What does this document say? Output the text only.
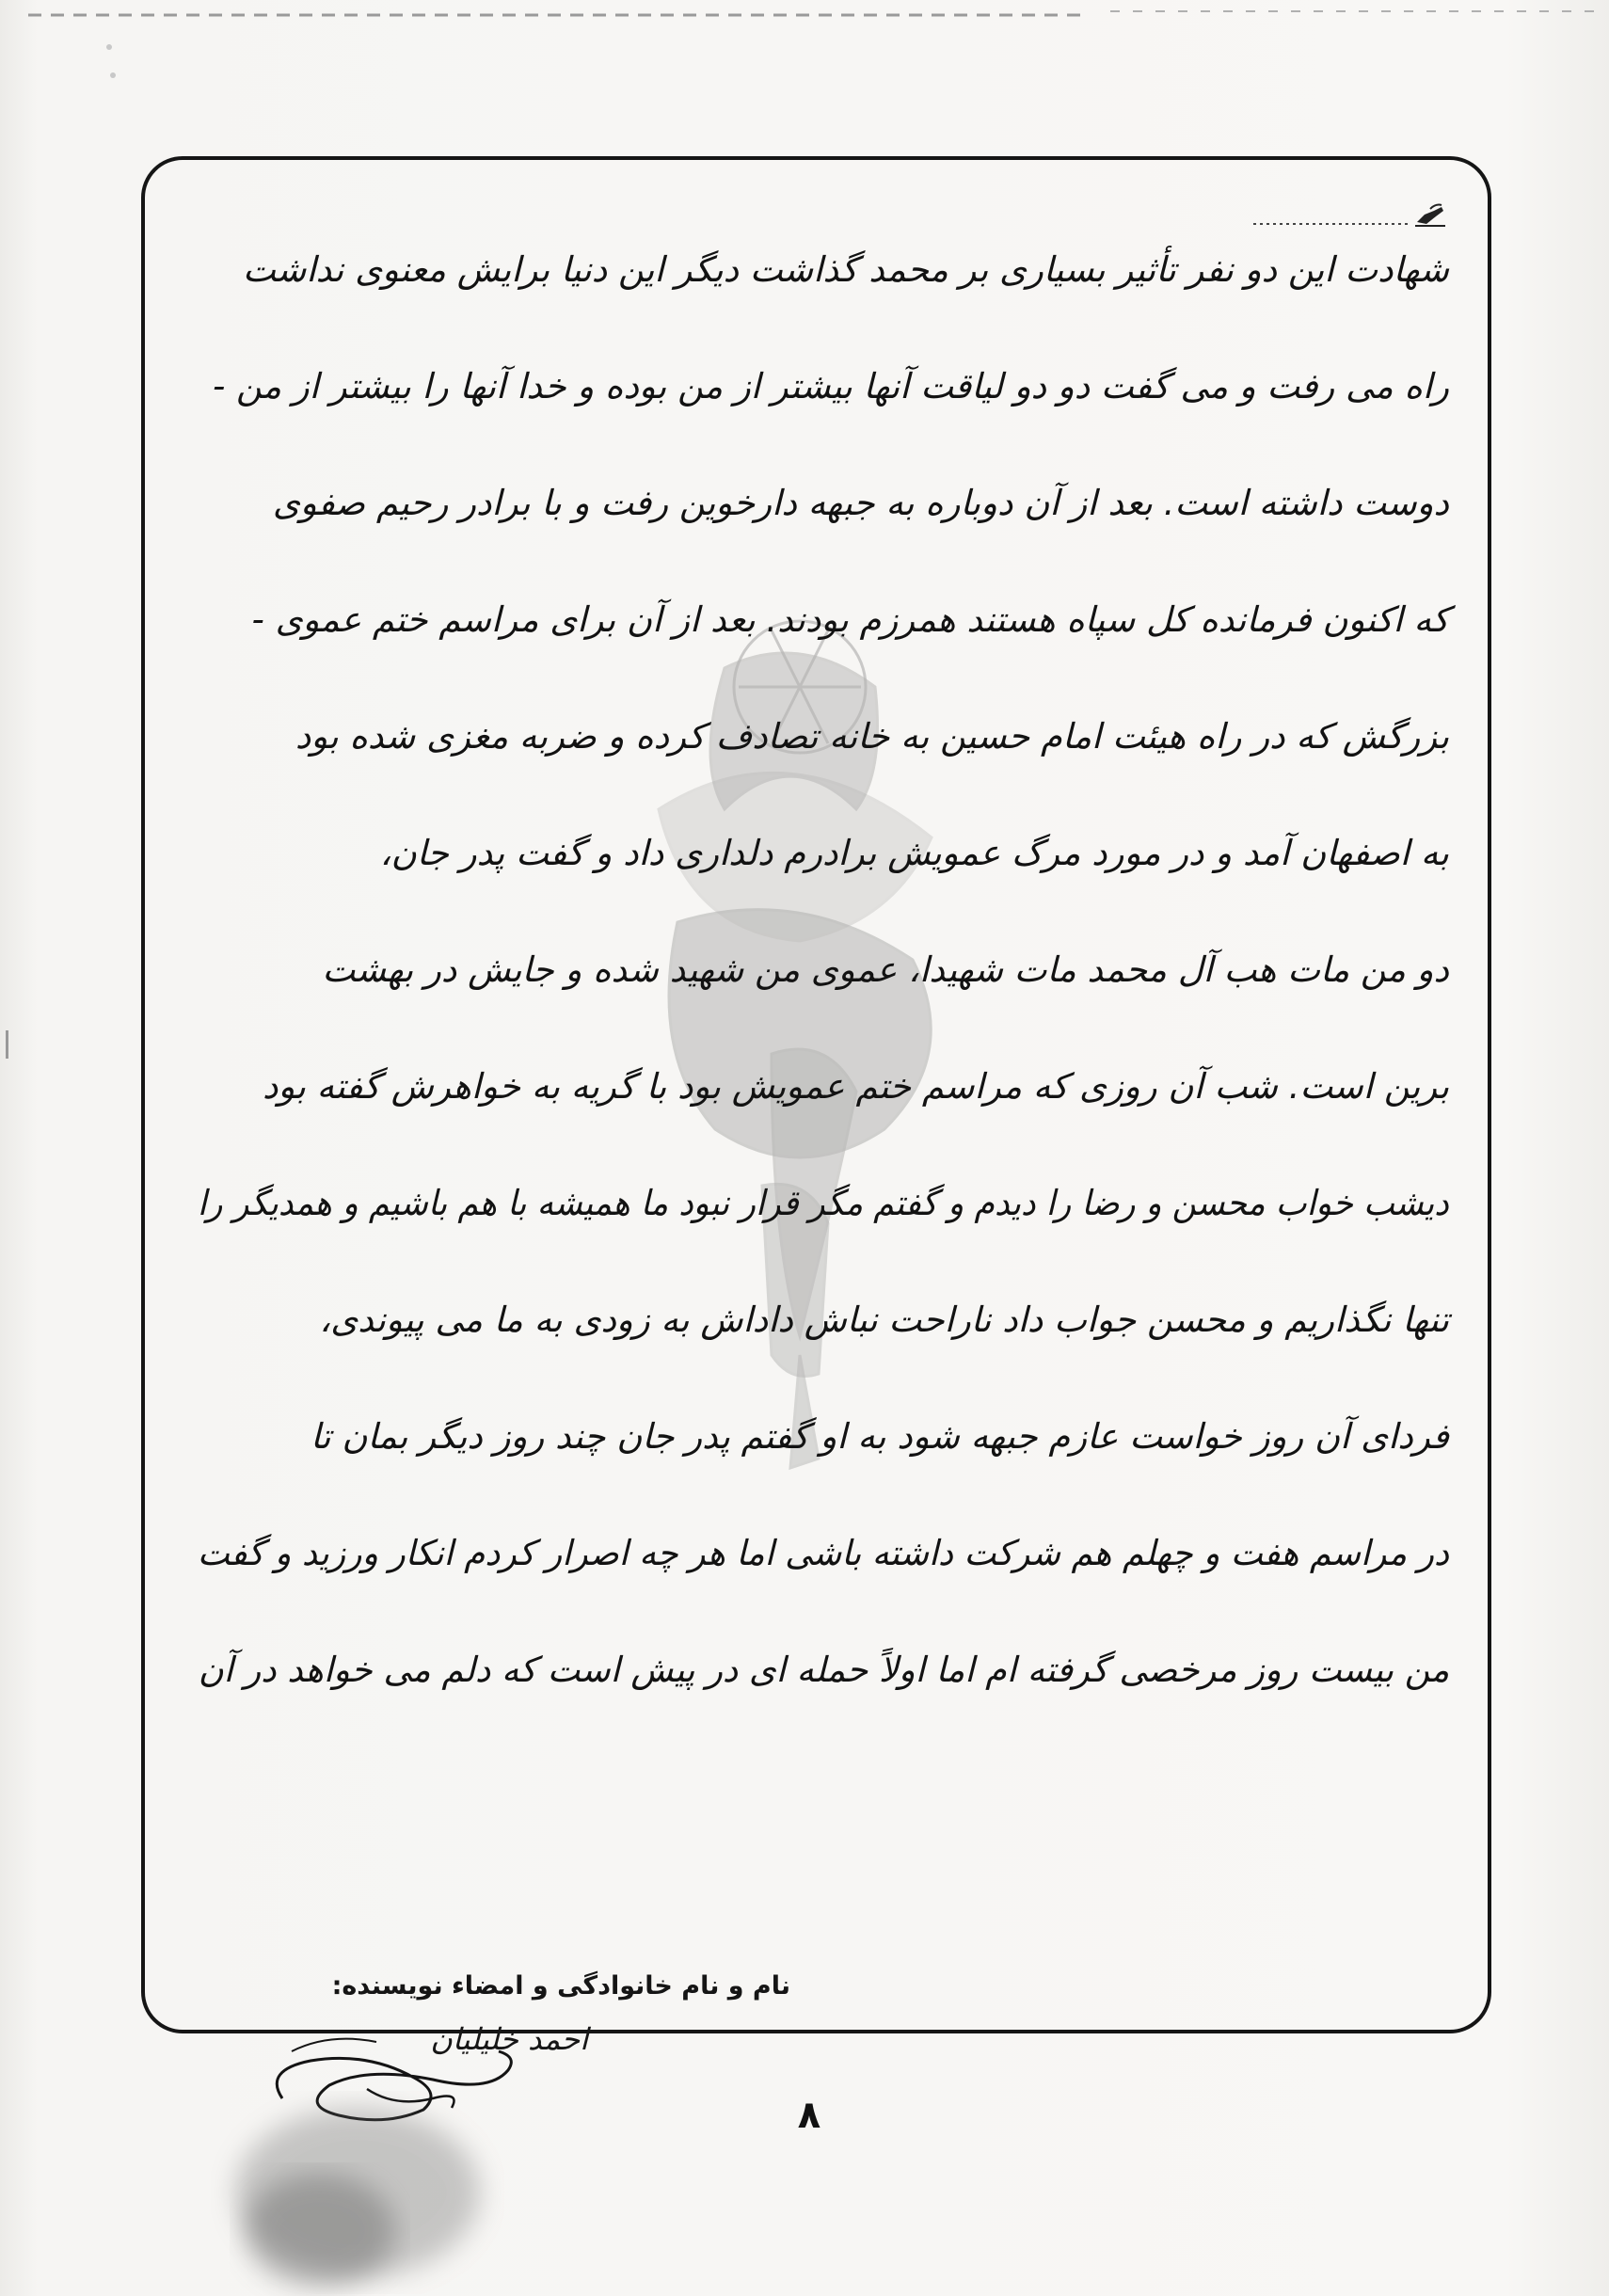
شهادت این دو نفر تأثیر بسیاری بر محمد گذاشت دیگر این دنیا برایش معنوی نداشت
راه می رفت و می گفت دو دو لیاقت آنها بیشتر از من بوده و خدا آنها را بیشتر از من -
دوست داشته است. بعد از آن دوباره به جبهه دارخوین رفت و با برادر رحیم صفوی
که اکنون فرمانده کل سپاه هستند همرزم بودند. بعد از آن برای مراسم ختم عموی -
بزرگش که در راه هیئت امام حسین به خانه تصادف کرده و ضربه مغزی شده بود
به اصفهان آمد و در مورد مرگ عمویش برادرم دلداری داد و گفت پدر جان،
دو من مات هب آل محمد مات شهیدا، عموی من شهید شده و جایش در بهشت
برین است. شب آن روزی که مراسم ختم عمویش بود با گریه به خواهرش گفته بود
دیشب خواب محسن و رضا را دیدم و گفتم مگر قرار نبود ما همیشه با هم باشیم و همدیگر را
تنها نگذاریم و محسن جواب داد ناراحت نباش داداش به زودی به ما می پیوندی،
فردای آن روز خواست عازم جبهه شود به او گفتم پدر جان چند روز دیگر بمان تا
در مراسم هفت و چهلم هم شرکت داشته باشی اما هر چه اصرار کردم انکار ورزید و گفت
من بیست روز مرخصی گرفته ام اما اولاً حمله ای در پیش است که دلم می خواهد در آن
نام و نام خانوادگی و امضاء نویسنده:
احمد خلیلیان
۸
